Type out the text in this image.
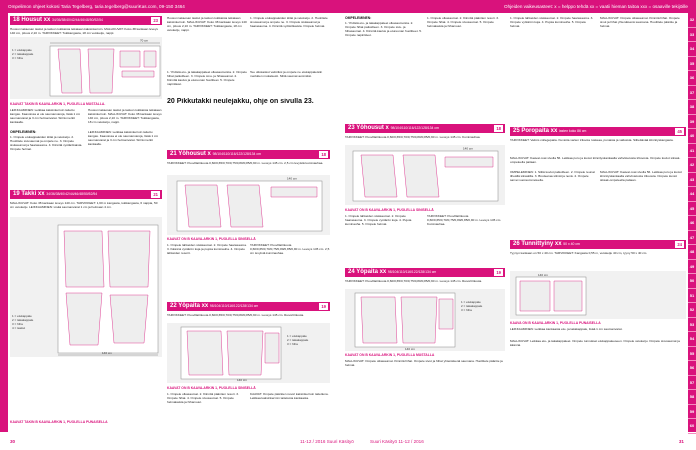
Ompelimon ohjeet kokosi Taria Tegelberg, taria.tegelberg@suuriKas.com, 09-150 3464	Ohjeiden vaikeusasteet: x = helppo tehdä xx = vaatii hieman taitoa xxx = osaaville tekijöille
32
33
34
35
36
37
38
39
40
41
42
43
44
45
46
47
48
49
50
51
52
53
54
55
56
57
58
59
60
18 Housut xx 34/36/38/40/42/44/46/48/50/52/54	23
Housun takaosan taskut ja taskun tukikaista leikataan kaksinkerroin. MALLIKUVAT: Koko 38 kankaan leveys 140 cm, pituus 2,10 m. TARVIKKEET: Tukikangasta, 18 cm vetoketju, nappi.
70 cm
1 = etukappale
2 = takakappale
3 = hiha
KAAVAT TAKIN B KAAVA-ARKIN 1, PUOLELLA MUSTALLA.
LEIKKAAMINEN: Leikkaa kaksinkerroin taitettu kangas. Kaavoissa ei ole saumanvaroja, lisää 1 cm saumanvarat ja 3 cm helmanvarat. Siirrä merkit kankaalle.
Housun takaosan taskut ja taskun tukikaista leikataan kaksinkerroin. MALLIKUVAT: Koko 38 kankaan leveys 140 cm, pituus 2,10 m. TARVIKKEET: Tukikangasta, 18 cm vetoketju, nappi.
OMPELEMINEN:
1. Ompele etukappaleiden kiilat ja vetoketju. 2. Huolittele sivusaumat ja ompele ne. 3. Ompele sisäsaumat ja haarasauma. 4. Kiinnitä vyötärökaista. Ompele helmat.
LEIKKAAMINEN: Leikkaa kaksinkerroin taitettu kangas. Kaavoissa ei ole saumanvaroja, lisää 1 cm saumanvarat ja 3 cm helmanvarat. Siirrä merkit kankaalle.
19 Takki xx 34/36/38/40/42/44/46/48/50/52/54	21
MALLIKUVAT: Koko 38 kankaan leveys 140 cm. TARVIKKEET: 1,60 m kangasta, tukikangasta, 6 nappia, 50 cm vetoketju. LEIKKAAMINEN: Lisää saumanvarat 1 cm ja helmaan 4 cm.
140 cm
1 = etukappale
2 = takakappale
3 = hiha
4 = taskut
KAAVAT TAKIN B KAAVA-ARKIN 1, PUOLELLA PUNAISELLA
Housun takaosan taskut ja taskun tukikaista leikataan kaksinkerroin. MALLIKUVAT: Koko 38 kankaan leveys 140 cm, pituus 2,10 m. TARVIKKEET: Tukikangasta, 18 cm vetoketju, nappi.
1. Ompele etukappaleiden kiilat ja vetoketju. 2. Huolittele sivusaumat ja ompele ne. 3. Ompele sisäsaumat ja haarasauma. 4. Kiinnitä vyötärökaista. Ompele helmat.
1. Yhdistä etu- ja takakappaleet olkasaumoista. 2. Ompele hihat paikoilleen. 3. Ompele sivu- ja hihasaumat. 4. Kiinnitä kaulus ja etureunan huolitteet. 5. Ompele napinlävet.
Tee ulkotaskut valmiiksi ja ompele ne etukappaleisiin merkkien mukaisesti. Silitä saumat avoimiksi.
20 Pikkutakki neulejakku, ohje on sivulla 23.
21 Yöhousut x 98/104/110/116/122/128/134 cm	18
TARVIKKEET: Puuvillatrikoota 0,60/0,65/0,70/0,75/0,80/0,85/0,90 m. Leveys 145 cm. 2,5 cm levyistä kuminauhaa.
140 cm
KAAVAT ON B KAAVA-ARKIN 1, PUOLELLA SINISELLÄ
1. Ompele lahkeiden sisäsaumat. 2. Ompele haarasauma. 3. Käännä vyötärön kuja ja pujota kuminauha. 4. Ompele lahkeiden resorit.
TARVIKKEET: Puuvillatrikoota 0,60/0,65/0,70/0,75/0,80/0,85/0,90 m. Leveys 145 cm. 2,5 cm levyistä kuminauhaa.
22 Yöpaita xx 98/104/110/116/122/128/134 cm	19
TARVIKKEET: Puuvillatrikoota 0,60/0,65/0,70/0,75/0,80/0,85/0,90 m. Leveys 145 cm. Resoritrikoota.
1 = etukappale
2 = takakappale
3 = hiha
140 cm
KAAVAT ON B KAAVA-ARKIN 1, PUOLELLA SINISELLÄ
1. Ompele olkasaumat. 2. Kiinnitä pääntien resori. 3. Ompele hihat. 4. Ompele sivusaumat. 5. Ompele helmakaista ja hihansuut.
KAAVAT: Ompele pääntien resori kaksinkerroin taitettuna. Leikkaa kaksinkerroin taitetusta kankaasta.
OMPELEMINEN:
1. Yhdistä etu- ja takakappaleet olkasaumoista. 2. Ompele hihat paikoilleen. 3. Ompele sivu- ja hihasaumat. 4. Kiinnitä kaulus ja etureunan huolitteet. 5. Ompele napinlävet.
1. Ompele olkasaumat. 2. Kiinnitä pääntien resori. 3. Ompele hihat. 4. Ompele sivusaumat. 5. Ompele helmakaista ja hihansuut.
23 Yöhousut x 98/104/110/116/122/128/134 cm	18
TARVIKKEET: Puuvillatrikoota 0,60/0,65/0,70/0,75/0,80/0,85/0,90 m. Leveys 145 cm. Kuminauhaa.
140 cm
KAAVAT ON B KAAVA-ARKIN 1, PUOLELLA SINISELLÄ
1. Ompele lahkeiden sisäsaumat. 2. Ompele haarasauma. 3. Ompele vyötärön kuja. 4. Pujota kuminauha. 5. Ompele helmat.
TARVIKKEET: Puuvillatrikoota 0,60/0,65/0,70/0,75/0,80/0,85/0,90 m. Leveys 145 cm. Kuminauhaa.
24 Yöpaita xx 98/104/110/116/122/128/134 cm	19
TARVIKKEET: Puuvillatrikoota 0,60/0,65/0,70/0,75/0,80/0,85/0,90 m. Leveys 145 cm. Resoritrikoota.
1 = etukappale
2 = takakappale
3 = hiha
140 cm
KAAVAT ON B KAAVA-ARKIN 1, PUOLELLA MUSTALLA
MALLIKUVAT: Ompele olkasaumat. Kiinnitä hihat. Ompele sivut ja hihat yhtenäisenä saumana. Huolittele pääntie ja helmat.
1. Ompele lahkeiden sisäsaumat. 2. Ompele haarasauma. 3. Ompele vyötärön kuja. 4. Pujota kuminauha. 5. Ompele helmat.
MALLIKUVAT: Ompele olkasaumat. Kiinnitä hihat. Ompele sivut ja hihat yhtenäisenä saumana. Huolittele pääntie ja helmat.
25 Poropaita xx lasten koko 86 cm	45
TARVIKKEET: Valmis collegepaita. Kuvioita varten trikoota ruskeaa, punaista ja valkoista. Silitettävää kiinnityskangasta.
MALLIKUVAT: Kaavat ovat sivulla 56. Leikkaa poro ja kuviot kiinnityskankaalla vahvistetusta trikoosta. Ompele kuviot siksak-ompeleella paitaan.
OMPELEMINEN: 1. Silitä kuviot paikoilleen. 2. Ompele reunat tiheällä siksakilla. 3. Brodeeraa silmät ja nenä. 4. Ompele sarvet suoraommeleella.
MALLIKUVAT: Kaavat ovat sivulla 56. Leikkaa poro ja kuviot kiinnityskankaalla vahvistetusta trikoosta. Ompele kuviot siksak-ompeleella paitaan.
26 Tunnittyiny xx 50 x 40 cm	24
Tyynyn kankaan on 50 x 40 cm. TARVIKKEET: Kangasta 0,55 m, vetoketju 40 cm, tyyny 50 x 40 cm.
140 cm
KAAVA ON B KAAVA-ARKIN 1, PUOLELLA PUNAISELLA
LEIKKAAMINEN: Leikkaa kankaasta etu- ja takakappale, lisää 1 cm saumanvarat.
MALLIKUVAT: Leikkaa etu- ja takakappaleet. Ompele tunnukset etukappaleeseen. Ompele vetoketju. Ompele sivusaumat ja käännä.
30	11-12 / 2016 Suuri Käsityö	Suuri Käsityö 11-12 / 2016	31
